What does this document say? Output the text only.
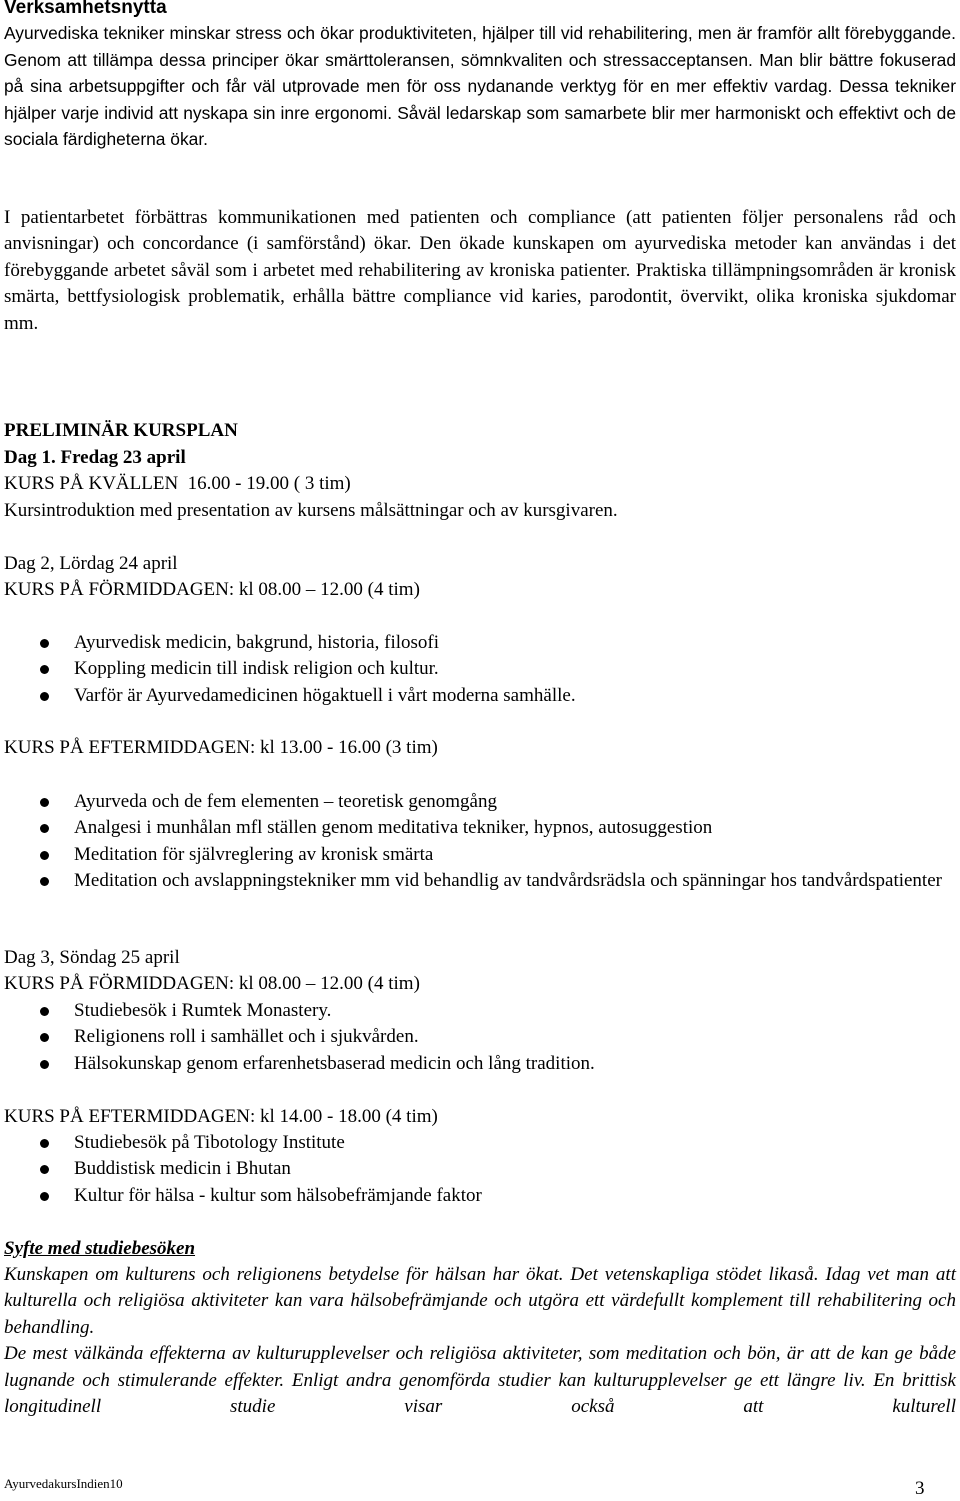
Verksamhetsnytta
Ayurvediska tekniker minskar stress och ökar produktiviteten, hjälper till vid rehabilitering, men är framför allt förebyggande. Genom att tillämpa dessa principer ökar smärttoleransen, sömnkvaliten och stressacceptansen. Man blir bättre fokuserad på sina arbetsuppgifter och får väl utprovade men för oss nydanande verktyg för en mer effektiv vardag. Dessa tekniker hjälper varje individ att nyskapa sin inre ergonomi. Såväl ledarskap som samarbete blir mer harmoniskt och effektivt och de sociala färdigheterna ökar.
I patientarbetet förbättras kommunikationen med patienten och compliance (att patienten följer personalens råd och anvisningar) och concordance (i samförstånd) ökar. Den ökade kunskapen om ayurvediska metoder kan användas i det förebyggande arbetet såväl som i arbetet med rehabilitering av kroniska patienter. Praktiska tillämpningsområden är kronisk smärta, bettfysiologisk problematik, erhålla bättre compliance vid karies, parodontit, övervikt, olika kroniska sjukdomar mm.
PRELIMINÄR KURSPLAN
Dag 1. Fredag 23 april
KURS PÅ KVÄLLEN  16.00 - 19.00 ( 3 tim)
Kursintroduktion med presentation av kursens målsättningar och av kursgivaren.
Dag 2, Lördag 24 april
KURS PÅ FÖRMIDDAGEN: kl 08.00 – 12.00 (4 tim)
Ayurvedisk medicin, bakgrund, historia, filosofi
Koppling medicin till indisk religion och kultur.
Varför är Ayurvedamedicinen högaktuell i vårt moderna samhälle.
KURS PÅ EFTERMIDDAGEN: kl 13.00 - 16.00 (3 tim)
Ayurveda och de fem elementen – teoretisk genomgång
Analgesi i munhålan mfl ställen genom meditativa tekniker, hypnos, autosuggestion
Meditation för självreglering av kronisk smärta
Meditation och avslappningstekniker mm vid behandlig av tandvårdsrädsla och spänningar hos tandvårdspatienter
Dag 3, Söndag 25 april
KURS PÅ FÖRMIDDAGEN: kl 08.00 – 12.00 (4 tim)
Studiebesök i Rumtek Monastery.
Religionens roll i samhället och i sjukvården.
Hälsokunskap genom erfarenhetsbaserad medicin och lång tradition.
KURS PÅ EFTERMIDDAGEN: kl 14.00 - 18.00 (4 tim)
Studiebesök på Tibotology Institute
Buddistisk medicin i Bhutan
Kultur för hälsa - kultur som hälsobefrämjande faktor
Syfte med studiebesöken
Kunskapen om kulturens och religionens betydelse för hälsan har ökat. Det vetenskapliga stödet likaså. Idag vet man att kulturella och religiösa aktiviteter kan vara hälsobefrämjande och utgöra ett värdefullt komplement till rehabilitering och behandling.
De mest välkända effekterna av kulturupplevelser och religiösa aktiviteter, som meditation och bön, är att de kan ge både lugnande och stimulerande effekter. Enligt andra genomförda studier kan kulturupplevelser ge ett längre liv. En brittisk longitudinell studie visar också att kulturell
AyurvedakursIndien10	3
